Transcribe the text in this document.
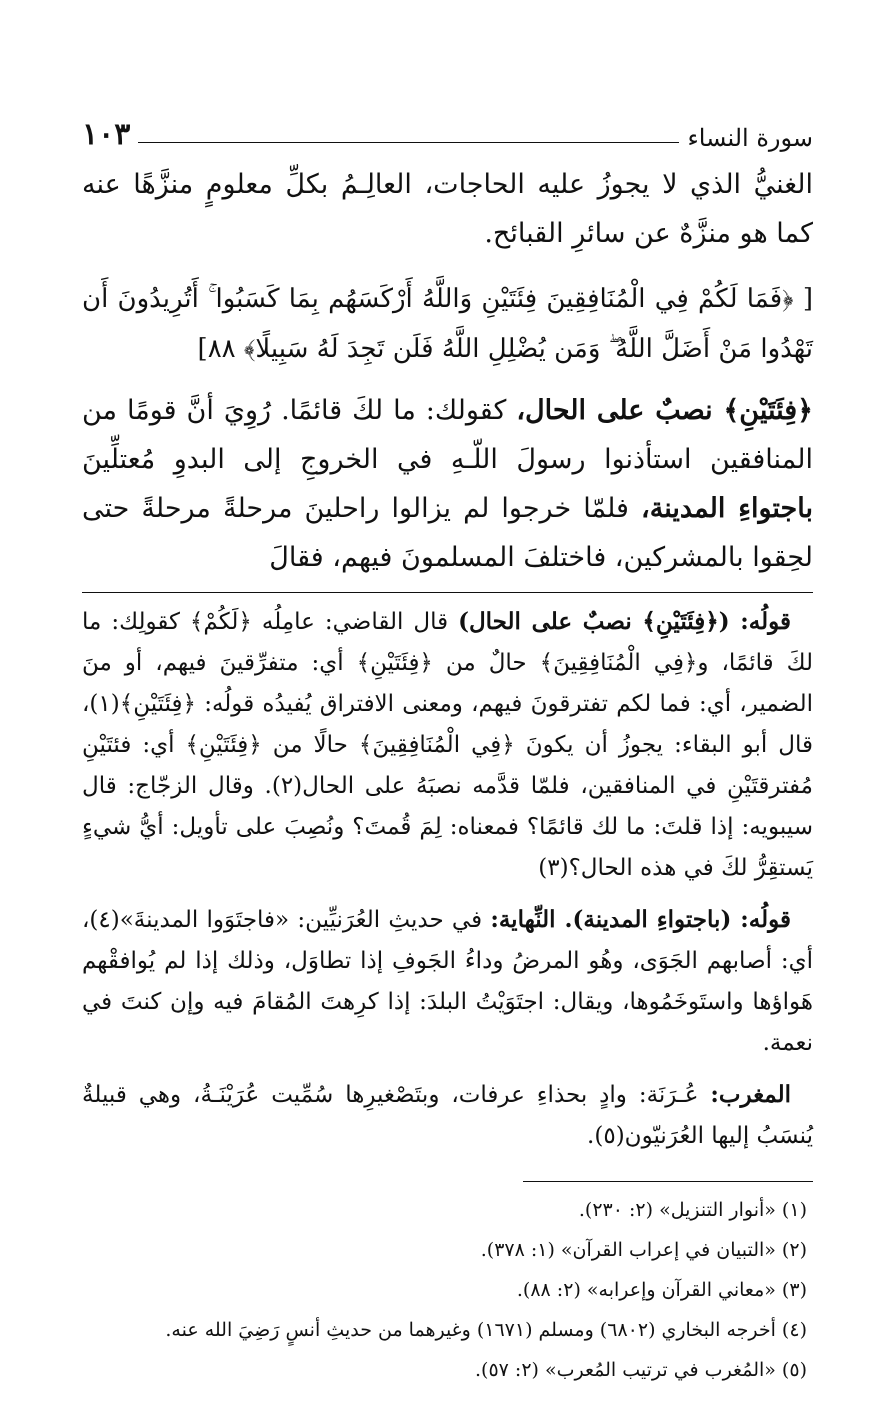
سورة النساء
١٠٣

الغنيُّ الذي لا يجوزُ عليه الحاجات، العالِـمُ بكلِّ معلومٍ منزَّهًا عنه كما هو منزَّهٌ عن سائرِ القبائح.

[ ﴿فَمَا لَكُمْ فِي الْمُنَافِقِينَ فِئَتَيْنِ وَاللَّهُ أَرْكَسَهُم بِمَا كَسَبُوا ۚ أَتُرِيدُونَ أَن تَهْدُوا مَنْ أَضَلَّ اللَّهُ ۖ وَمَن يُضْلِلِ اللَّهُ فَلَن تَجِدَ لَهُ سَبِيلًا﴾ ٨٨]

﴿فِئَتَيْنِ﴾ نصبٌ على الحال، كقولك: ما لكَ قائمًا. رُوِيَ أنَّ قومًا من المنافقين استأذنوا رسولَ اللّـهِ في الخروجِ إلى البدوِ مُعتلِّينَ باجتواءِ المدينة، فلمّا خرجوا لم يزالوا راحلينَ مرحلةً مرحلةً حتى لحِقوا بالمشركين، فاختلفَ المسلمونَ فيهم، فقالَ

قولُه: (﴿فِئَتَيْنِ﴾ نصبٌ على الحال) قال القاضي: عامِلُه ﴿لَكُمْ﴾ كقولِك: ما لكَ قائمًا، و﴿فِي الْمُنَافِقِينَ﴾ حالٌ من ﴿فِئَتَيْنِ﴾ أي: متفرِّقينَ فيهم، أو منَ الضمير، أي: فما لكم تفترقونَ فيهم، ومعنى الافتراق يُفيدُه قولُه: ﴿فِئَتَيْنِ﴾(١)، قال أبو البقاء: يجوزُ أن يكونَ ﴿فِي الْمُنَافِقِينَ﴾ حالًا من ﴿فِئَتَيْنِ﴾ أي: فئتَيْنِ مُفترقتَيْنِ في المنافقين، فلمّا قدَّمه نصبَهُ على الحال(٢). وقال الزجّاج: قال سيبويه: إذا قلتَ: ما لك قائمًا؟ فمعناه: لِمَ قُمتَ؟ ونُصِبَ على تأويل: أيُّ شيءٍ يَستقِرُّ لكَ في هذه الحال؟(٣)

قولُه: (باجتواءِ المدينة). النِّهاية: في حديثِ العُرَنيِّين: «فاجتَوَوا المدينةَ»(٤)، أي: أصابهم الجَوَى، وهُو المرضُ وداءُ الجَوفِ إذا تطاوَل، وذلك إذا لم يُوافقْهم هَواؤها واستَوخَمُوها، ويقال: اجتَوَيْتُ البلدَ: إذا كرِهتَ المُقامَ فيه وإن كنتَ في نعمة.

المغرب: عُـرَنَة: وادٍ بحذاءِ عرفات، وبتَصْغيرِها سُمِّيت عُرَيْنَـةُ، وهي قبيلةٌ يُنسَبُ إليها العُرَنيّون(٥).

(١) «أنوار التنزيل» (٢: ٢٣٠).
(٢) «التبيان في إعراب القرآن» (١: ٣٧٨).
(٣) «معاني القرآن وإعرابه» (٢: ٨٨).
(٤) أخرجه البخاري (٦٨٠٢) ومسلم (١٦٧١) وغيرهما من حديثِ أنسٍ رَضِيَ الله عنه.
(٥) «المُغرب في ترتيب المُعرب» (٢: ٥٧).
